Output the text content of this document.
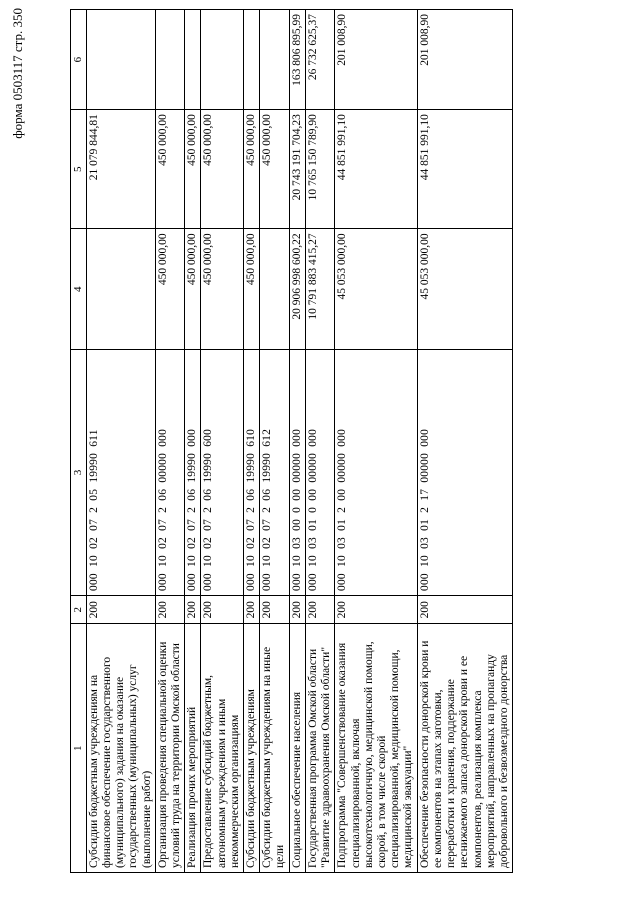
форма 0503117 стр. 350
1	2	3	4	5	6
Субсидии бюджетным учреждениям на финансовое обеспечение государственного (муниципального) задания на оказание государственных (муниципальных) услуг (выполнение работ)	200	000  10  02  07  2  05  19990  611		21 079 844,81	
Организация проведения специальной оценки условий труда на территории Омской области	200	000  10  02  07  2  06  00000  000	450 000,00	450 000,00	
Реализация прочих мероприятий	200	000  10  02  07  2  06  19990  000	450 000,00	450 000,00	
Предоставление субсидий бюджетным, автономным учреждениям и иным некоммерческим организациям	200	000  10  02  07  2  06  19990  600	450 000,00	450 000,00	
Субсидии бюджетным учреждениям	200	000  10  02  07  2  06  19990  610	450 000,00	450 000,00	
Субсидии бюджетным учреждениям на иные цели	200	000  10  02  07  2  06  19990  612		450 000,00	
Социальное обеспечение населения	200	000  10  03  00  0  00  00000  000	20 906 998 600,22	20 743 191 704,23	163 806 895,99
Государственная программа Омской области "Развитие здравоохранения Омской области"	200	000  10  03  01  0  00  00000  000	10 791 883 415,27	10 765 150 789,90	26 732 625,37
Подпрограмма "Совершенствование оказания специализированной, включая высокотехнологичную, медицинской помощи, скорой, в том числе скорой специализированной, медицинской помощи, медицинской эвакуации"	200	000  10  03  01  2  00  00000  000	45 053 000,00	44 851 991,10	201 008,90
Обеспечение безопасности донорской крови и ее компонентов на этапах заготовки, переработки и хранения, поддержание неснижаемого запаса донорской крови и ее компонентов, реализация комплекса мероприятий, направленных на пропаганду добровольного и безвозмездного донорства	200	000  10  03  01  2  17  00000  000	45 053 000,00	44 851 991,10	201 008,90
